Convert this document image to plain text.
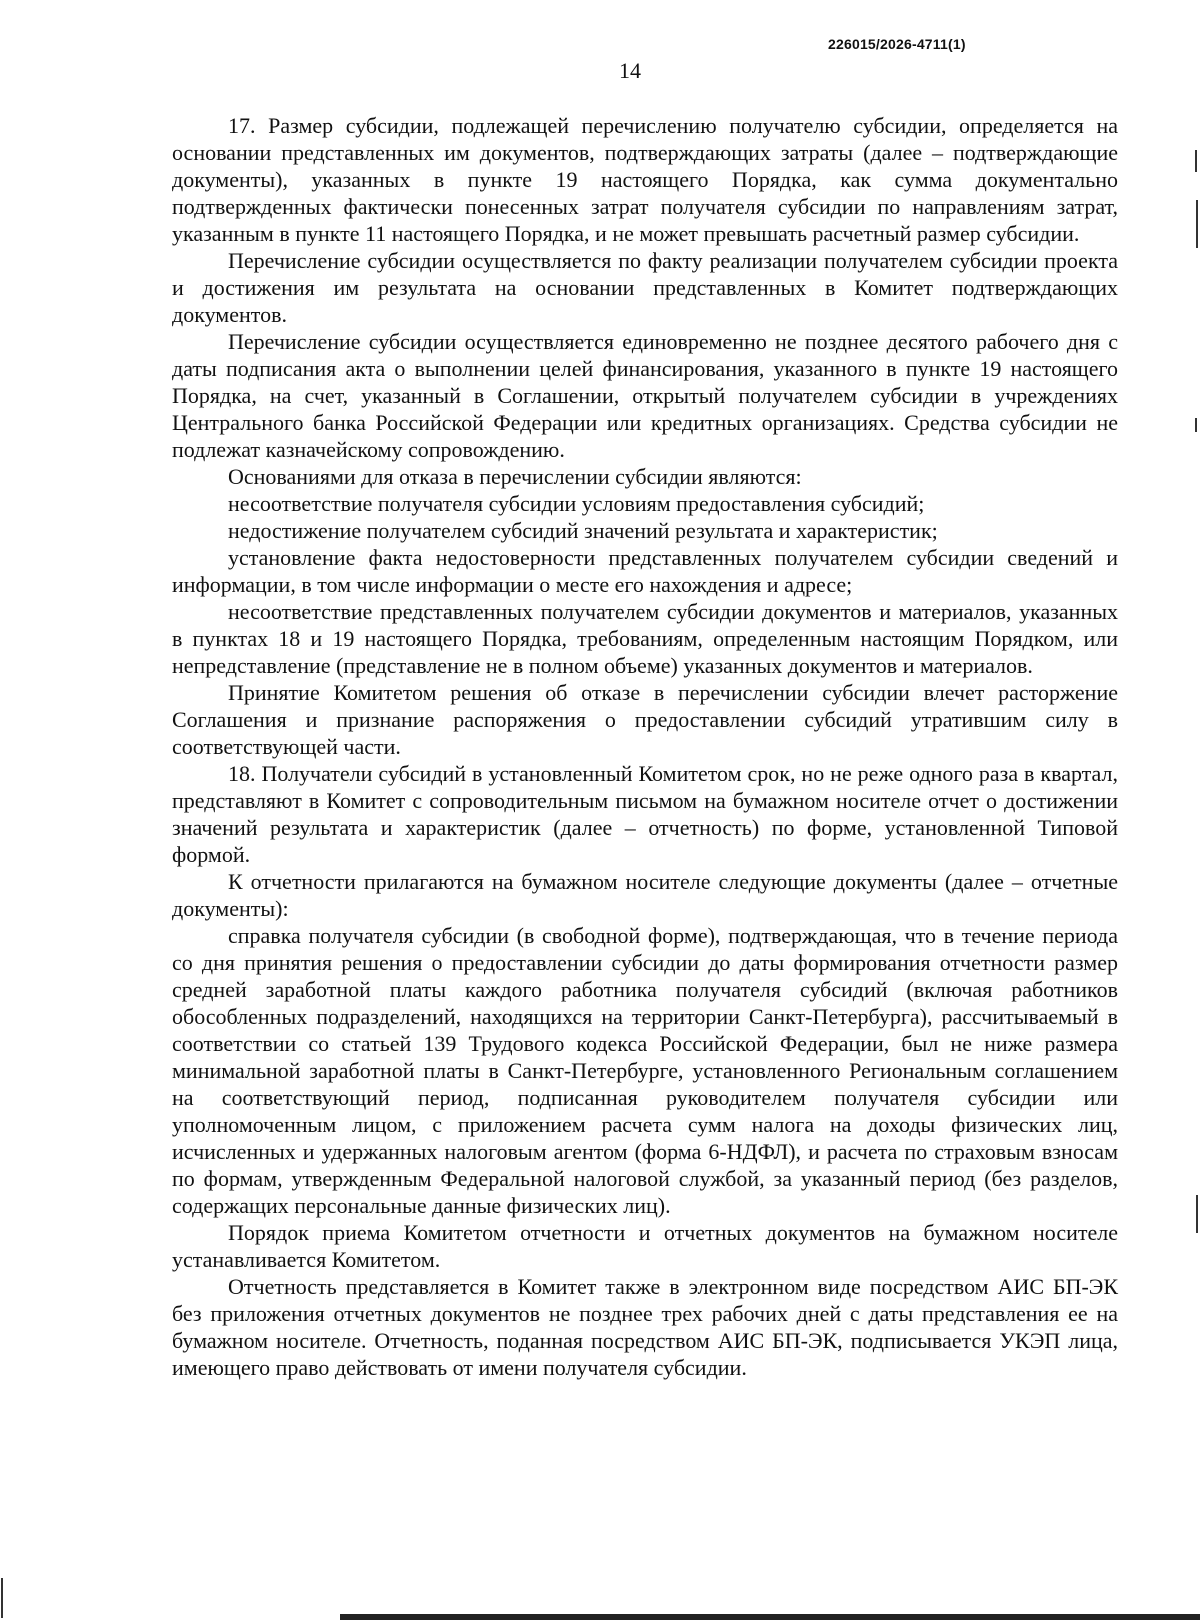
226015/2026-4711(1)
14

17. Размер субсидии, подлежащей перечислению получателю субсидии, определяется на основании представленных им документов, подтверждающих затраты (далее – подтверждающие документы), указанных в пункте 19 настоящего Порядка, как сумма документально подтвержденных фактически понесенных затрат получателя субсидии по направлениям затрат, указанным в пункте 11 настоящего Порядка, и не может превышать расчетный размер субсидии.

Перечисление субсидии осуществляется по факту реализации получателем субсидии проекта и достижения им результата на основании представленных в Комитет подтверждающих документов.

Перечисление субсидии осуществляется единовременно не позднее десятого рабочего дня с даты подписания акта о выполнении целей финансирования, указанного в пункте 19 настоящего Порядка, на счет, указанный в Соглашении, открытый получателем субсидии в учреждениях Центрального банка Российской Федерации или кредитных организациях. Средства субсидии не подлежат казначейскому сопровождению.

Основаниями для отказа в перечислении субсидии являются:

несоответствие получателя субсидии условиям предоставления субсидий;

недостижение получателем субсидий значений результата и характеристик;

установление факта недостоверности представленных получателем субсидии сведений и информации, в том числе информации о месте его нахождения и адресе;

несоответствие представленных получателем субсидии документов и материалов, указанных в пунктах 18 и 19 настоящего Порядка, требованиям, определенным настоящим Порядком, или непредставление (представление не в полном объеме) указанных документов и материалов.

Принятие Комитетом решения об отказе в перечислении субсидии влечет расторжение Соглашения и признание распоряжения о предоставлении субсидий утратившим силу в соответствующей части.

18. Получатели субсидий в установленный Комитетом срок, но не реже одного раза в квартал, представляют в Комитет с сопроводительным письмом на бумажном носителе отчет о достижении значений результата и характеристик (далее – отчетность) по форме, установленной Типовой формой.

К отчетности прилагаются на бумажном носителе следующие документы (далее – отчетные документы):

справка получателя субсидии (в свободной форме), подтверждающая, что в течение периода со дня принятия решения о предоставлении субсидии до даты формирования отчетности размер средней заработной платы каждого работника получателя субсидий (включая работников обособленных подразделений, находящихся на территории Санкт-Петербурга), рассчитываемый в соответствии со статьей 139 Трудового кодекса Российской Федерации, был не ниже размера минимальной заработной платы в Санкт-Петербурге, установленного Региональным соглашением на соответствующий период, подписанная руководителем получателя субсидии или уполномоченным лицом, с приложением расчета сумм налога на доходы физических лиц, исчисленных и удержанных налоговым агентом (форма 6-НДФЛ), и расчета по страховым взносам по формам, утвержденным Федеральной налоговой службой, за указанный период (без разделов, содержащих персональные данные физических лиц).

Порядок приема Комитетом отчетности и отчетных документов на бумажном носителе устанавливается Комитетом.

Отчетность представляется в Комитет также в электронном виде посредством АИС БП-ЭК без приложения отчетных документов не позднее трех рабочих дней с даты представления ее на бумажном носителе. Отчетность, поданная посредством АИС БП-ЭК, подписывается УКЭП лица, имеющего право действовать от имени получателя субсидии.
